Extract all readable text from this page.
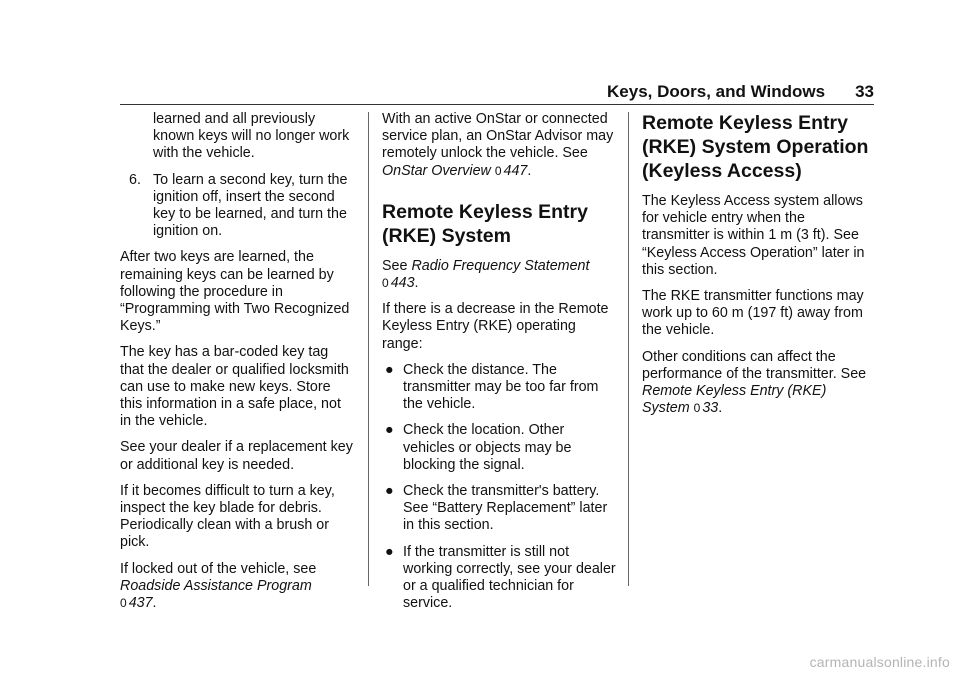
Keys, Doors, and Windows 33

learned and all previously known keys will no longer work with the vehicle.

6. To learn a second key, turn the ignition off, insert the second key to be learned, and turn the ignition on.

After two keys are learned, the remaining keys can be learned by following the procedure in “Programming with Two Recognized Keys.”

The key has a bar-coded key tag that the dealer or qualified locksmith can use to make new keys. Store this information in a safe place, not in the vehicle.

See your dealer if a replacement key or additional key is needed.

If it becomes difficult to turn a key, inspect the key blade for debris. Periodically clean with a brush or pick.

If locked out of the vehicle, see Roadside Assistance Program
0 437.

With an active OnStar or connected service plan, an OnStar Advisor may remotely unlock the vehicle. See OnStar Overview 0 447.

Remote Keyless Entry (RKE) System

See Radio Frequency Statement
0 443.

If there is a decrease in the Remote Keyless Entry (RKE) operating range:

● Check the distance. The transmitter may be too far from the vehicle.
● Check the location. Other vehicles or objects may be blocking the signal.
● Check the transmitter's battery. See “Battery Replacement” later in this section.
● If the transmitter is still not working correctly, see your dealer or a qualified technician for service.
Remote Keyless Entry (RKE) System Operation (Keyless Access)

The Keyless Access system allows for vehicle entry when the transmitter is within 1 m (3 ft). See “Keyless Access Operation” later in this section.

The RKE transmitter functions may work up to 60 m (197 ft) away from the vehicle.

Other conditions can affect the performance of the transmitter. See
Remote Keyless Entry (RKE) System 0 33.

carmanualsonline.info
